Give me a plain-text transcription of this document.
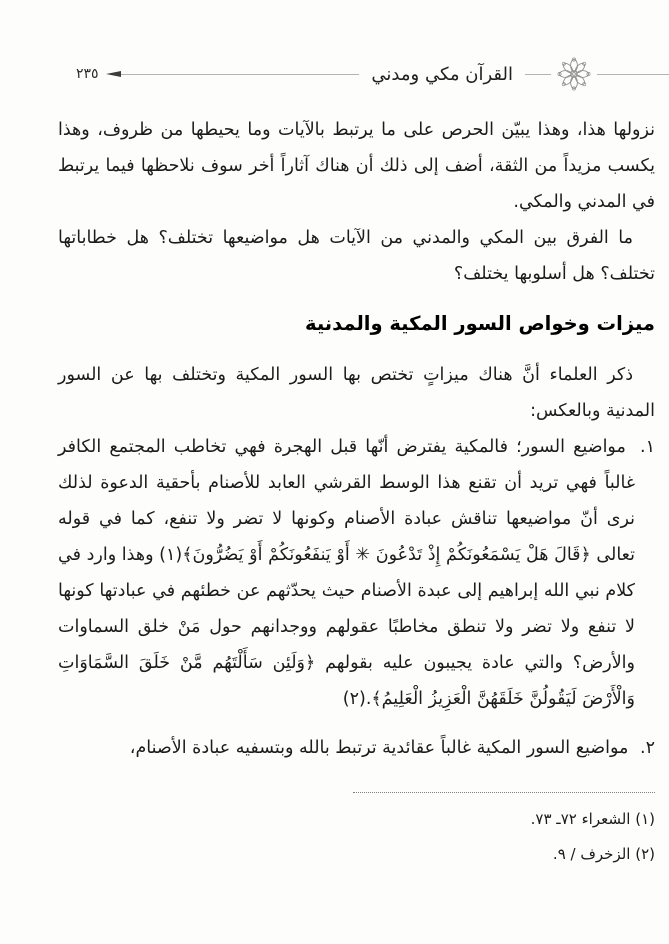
٢٣٥	القرآن مكي ومدني

نزولها هذا، وهذا يبيّن الحرص على ما يرتبط بالآيات وما يحيطها من ظروف، وهذا يكسب مزيداً من الثقة، أضف إلى ذلك أن هناك آثاراً أخر سوف نلاحظها فيما يرتبط في المدني والمكي.

ما الفرق بين المكي والمدني من الآيات هل مواضيعها تختلف؟ هل خطاباتها تختلف؟ هل أسلوبها يختلف؟

ميزات وخواص السور المكية والمدنية

ذكر العلماء أنَّ هناك ميزاتٍ تختص بها السور المكية وتختلف بها عن السور المدنية وبالعكس:

١. مواضيع السور؛ فالمكية يفترض أنّها قبل الهجرة فهي تخاطب المجتمع الكافر غالباً فهي تريد أن تقنع هذا الوسط القرشي العابد للأصنام بأحقية الدعوة لذلك نرى أنّ مواضيعها تناقش عبادة الأصنام وكونها لا تضر ولا تنفع، كما في قوله تعالى ﴿قَالَ هَلْ يَسْمَعُونَكُمْ إِذْ تَدْعُونَ ✳ أَوْ يَنفَعُونَكُمْ أَوْ يَضُرُّونَ﴾(١) وهذا وارد في كلام نبي الله إبراهيم إلى عبدة الأصنام حيث يحدّثهم عن خطئهم في عبادتها كونها لا تنفع ولا تضر ولا تنطق مخاطبًا عقولهم ووجدانهم حول مَنْ خلق السماوات والأرض؟ والتي عادة يجيبون عليه بقولهم ﴿وَلَئِن سَأَلْتَهُم مَّنْ خَلَقَ السَّمَاوَاتِ وَالْأَرْضَ لَيَقُولُنَّ خَلَقَهُنَّ الْعَزِيزُ الْعَلِيمُ﴾.(٢)
٢. مواضيع السور المكية غالباً عقائدية ترتبط بالله وبتسفيه عبادة الأصنام،
(١) الشعراء ٧٢ـ ٧٣.
(٢) الزخرف / ٩.
